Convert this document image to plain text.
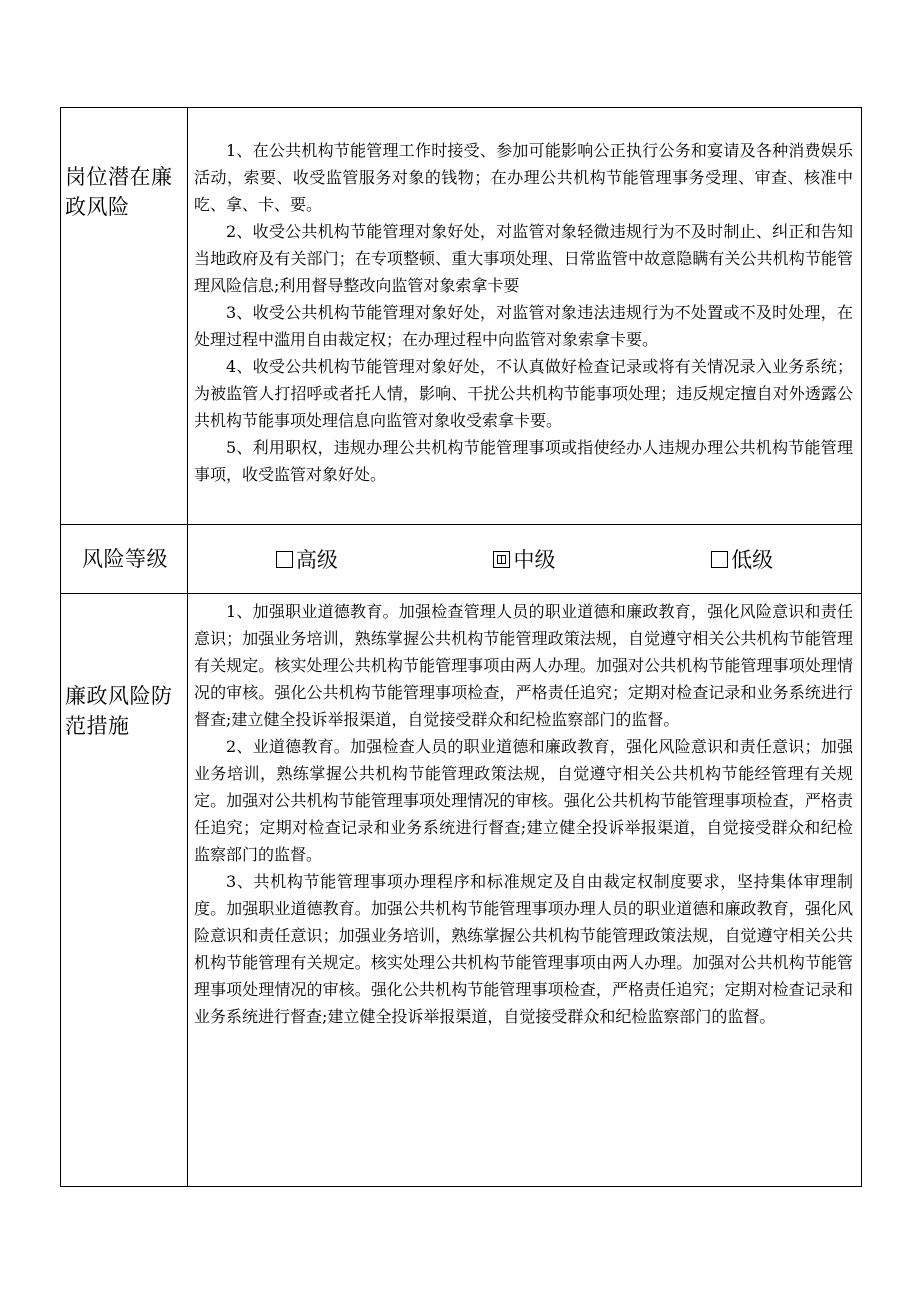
岗位潜在廉政风险	1、在公共机构节能管理工作时接受、参加可能影响公正执行公务和宴请及各种消费娱乐活动，索要、收受监管服务对象的钱物；在办理公共机构节能管理事务受理、审查、核准中吃、拿、卡、要。

2、收受公共机构节能管理对象好处，对监管对象轻微违规行为不及时制止、纠正和告知当地政府及有关部门；在专项整顿、重大事项处理、日常监管中故意隐瞒有关公共机构节能管理风险信息;利用督导整改向监管对象索拿卡要

3、收受公共机构节能管理对象好处，对监管对象违法违规行为不处置或不及时处理，在处理过程中滥用自由裁定权；在办理过程中向监管对象索拿卡要。

4、收受公共机构节能管理对象好处，不认真做好检查记录或将有关情况录入业务系统；为被监管人打招呼或者托人情，影响、干扰公共机构节能事项处理；违反规定擅自对外透露公共机构节能事项处理信息向监管对象收受索拿卡要。

5、利用职权，违规办理公共机构节能管理事项或指使经办人违规办理公共机构节能管理事项，收受监管对象好处。

风险等级	高级 中级 低级

廉政风险防范措施	1、加强职业道德教育。加强检查管理人员的职业道德和廉政教育，强化风险意识和责任意识；加强业务培训，熟练掌握公共机构节能管理政策法规，自觉遵守相关公共机构节能管理有关规定。核实处理公共机构节能管理事项由两人办理。加强对公共机构节能管理事项处理情况的审核。强化公共机构节能管理事项检查，严格责任追究；定期对检查记录和业务系统进行督查;建立健全投诉举报渠道，自觉接受群众和纪检监察部门的监督。

2、业道德教育。加强检查人员的职业道德和廉政教育，强化风险意识和责任意识；加强业务培训，熟练掌握公共机构节能管理政策法规，自觉遵守相关公共机构节能经管理有关规定。加强对公共机构节能管理事项处理情况的审核。强化公共机构节能管理事项检查，严格责任追究；定期对检查记录和业务系统进行督查;建立健全投诉举报渠道，自觉接受群众和纪检监察部门的监督。

3、共机构节能管理事项办理程序和标准规定及自由裁定权制度要求，坚持集体审理制度。加强职业道德教育。加强公共机构节能管理事项办理人员的职业道德和廉政教育，强化风险意识和责任意识；加强业务培训，熟练掌握公共机构节能管理政策法规，自觉遵守相关公共机构节能管理有关规定。核实处理公共机构节能管理事项由两人办理。加强对公共机构节能管理事项处理情况的审核。强化公共机构节能管理事项检查，严格责任追究；定期对检查记录和业务系统进行督查;建立健全投诉举报渠道，自觉接受群众和纪检监察部门的监督。
